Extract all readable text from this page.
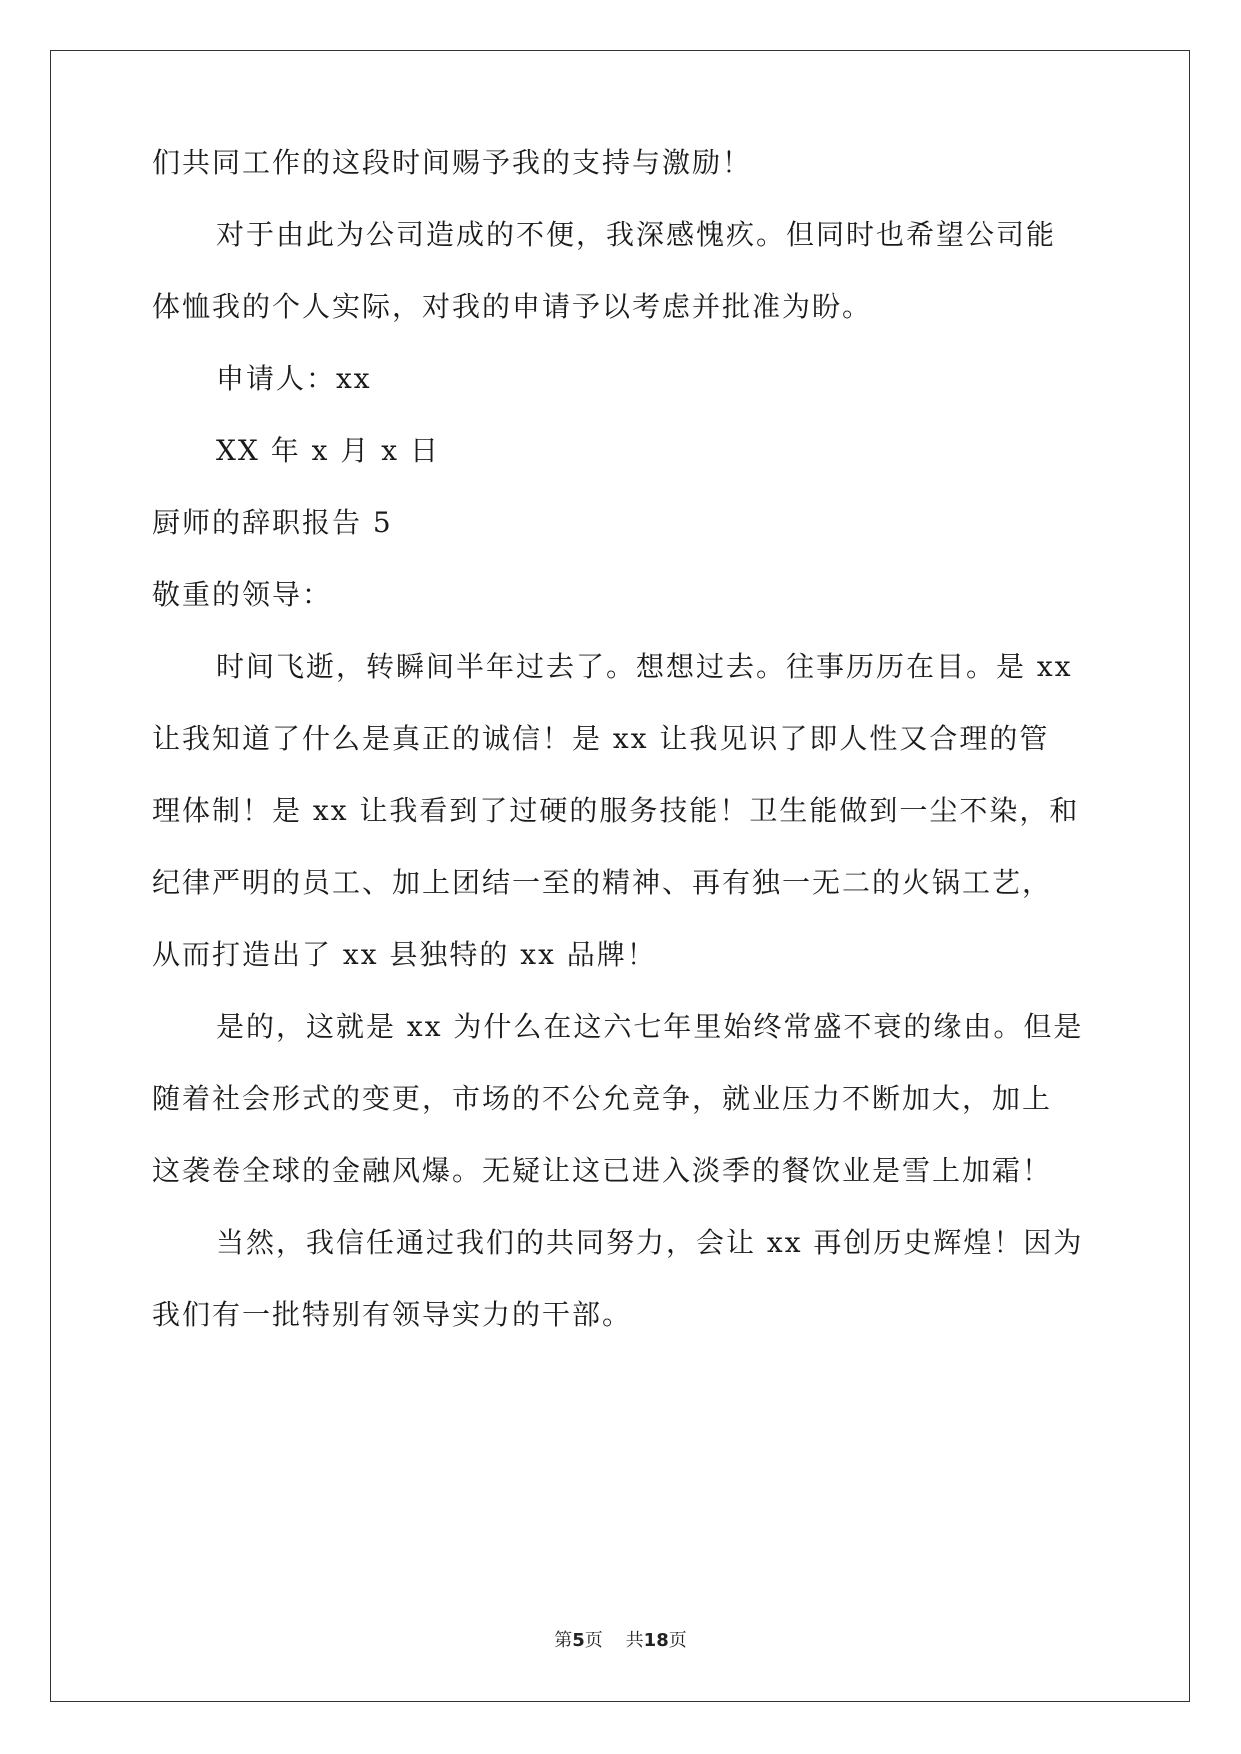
们共同工作的这段时间赐予我的支持与激励！
对于由此为公司造成的不便，我深感愧疚。但同时也希望公司能
体恤我的个人实际，对我的申请予以考虑并批准为盼。
申请人：xx
XX 年 x 月 x 日
厨师的辞职报告 5
敬重的领导：
时间飞逝，转瞬间半年过去了。想想过去。往事历历在目。是 xx
让我知道了什么是真正的诚信！是 xx 让我见识了即人性又合理的管
理体制！是 xx 让我看到了过硬的服务技能！卫生能做到一尘不染，和
纪律严明的员工、加上团结一至的精神、再有独一无二的火锅工艺，
从而打造出了 xx 县独特的 xx 品牌！
是的，这就是 xx 为什么在这六七年里始终常盛不衰的缘由。但是
随着社会形式的变更，市场的不公允竞争，就业压力不断加大，加上
这袭卷全球的金融风爆。无疑让这已进入淡季的餐饮业是雪上加霜！
当然，我信任通过我们的共同努力，会让 xx 再创历史辉煌！因为
我们有一批特别有领导实力的干部。
第5页 共18页
